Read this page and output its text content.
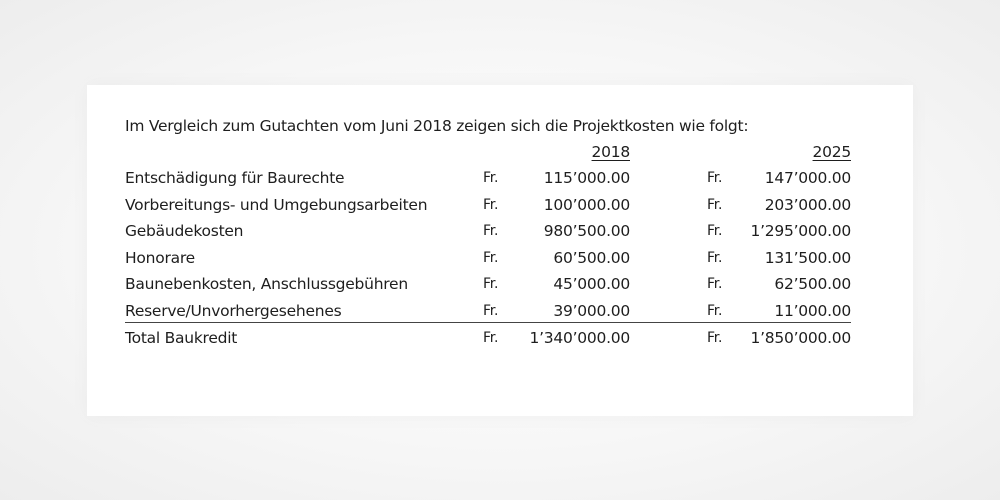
Im Vergleich zum Gutachten vom Juni 2018 zeigen sich die Projektkosten wie folgt:
2018	2025
Entschädigung für Baurechte	Fr.	115’000.00	Fr.	147’000.00
Vorbereitungs- und Umgebungsarbeiten	Fr.	100’000.00	Fr.	203’000.00
Gebäudekosten	Fr.	980’500.00	Fr. 1’295’000.00
Honorare	Fr.	60’500.00	Fr.	131’500.00
Baunebenkosten, Anschlussgebühren	Fr.	45’000.00	Fr.	62’500.00
Reserve/Unvorhergesehenes	Fr.	39’000.00	Fr.	11’000.00
Total Baukredit	Fr. 1’340’000.00	Fr. 1’850’000.00
